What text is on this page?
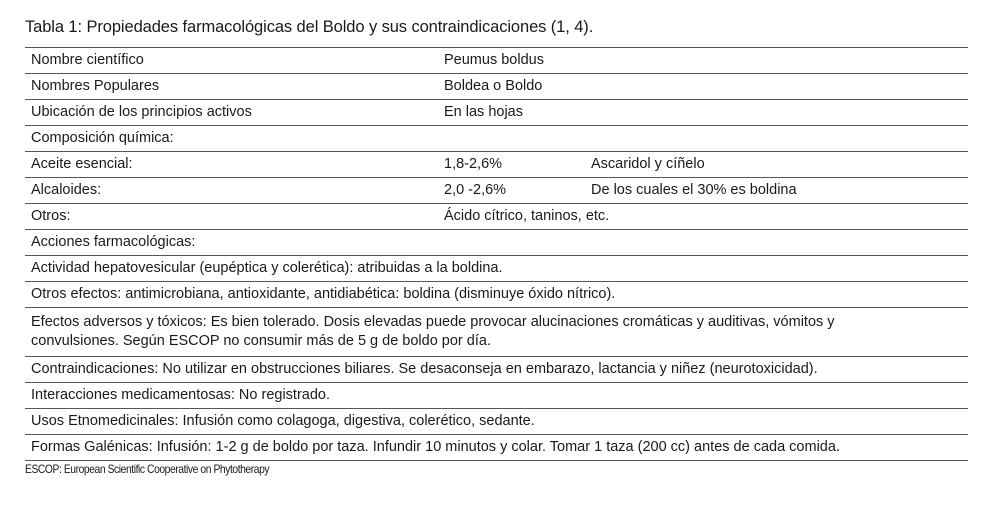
Tabla 1: Propiedades farmacológicas del Boldo y sus contraindicaciones (1, 4).
Nombre científico	Peumus boldus	
Nombres Populares	Boldea o Boldo	
Ubicación de los principios activos	En las hojas	
Composición química:		
Aceite esencial:	1,8-2,6%	Ascaridol y cíñelo
Alcaloides:	2,0 -2,6%	De los cuales el 30% es boldina
Otros:	Ácido cítrico, taninos, etc.	
Acciones farmacológicas:		
Actividad hepatovesicular (eupéptica y colerética): atribuidas a la boldina.		
Otros efectos: antimicrobiana, antioxidante, antidiabética: boldina (disminuye óxido nítrico).		

Efectos adversos y tóxicos: Es bien tolerado. Dosis elevadas puede provocar alucinaciones cromáticas y auditivas, vómitos y
convulsiones. Según ESCOP no consumir más de 5 g de boldo por día.		

Contraindicaciones: No utilizar en obstrucciones biliares. Se desaconseja en embarazo, lactancia y niñez (neurotoxicidad).		
Interacciones medicamentosas: No registrado.		
Usos Etnomedicinales: Infusión como colagoga, digestiva, colerético, sedante.		
Formas Galénicas: Infusión: 1-2 g de boldo por taza. Infundir 10 minutos y colar. Tomar 1 taza (200 cc) antes de cada comida.		
ESCOP: European Scientific Cooperative on Phytotherapy
